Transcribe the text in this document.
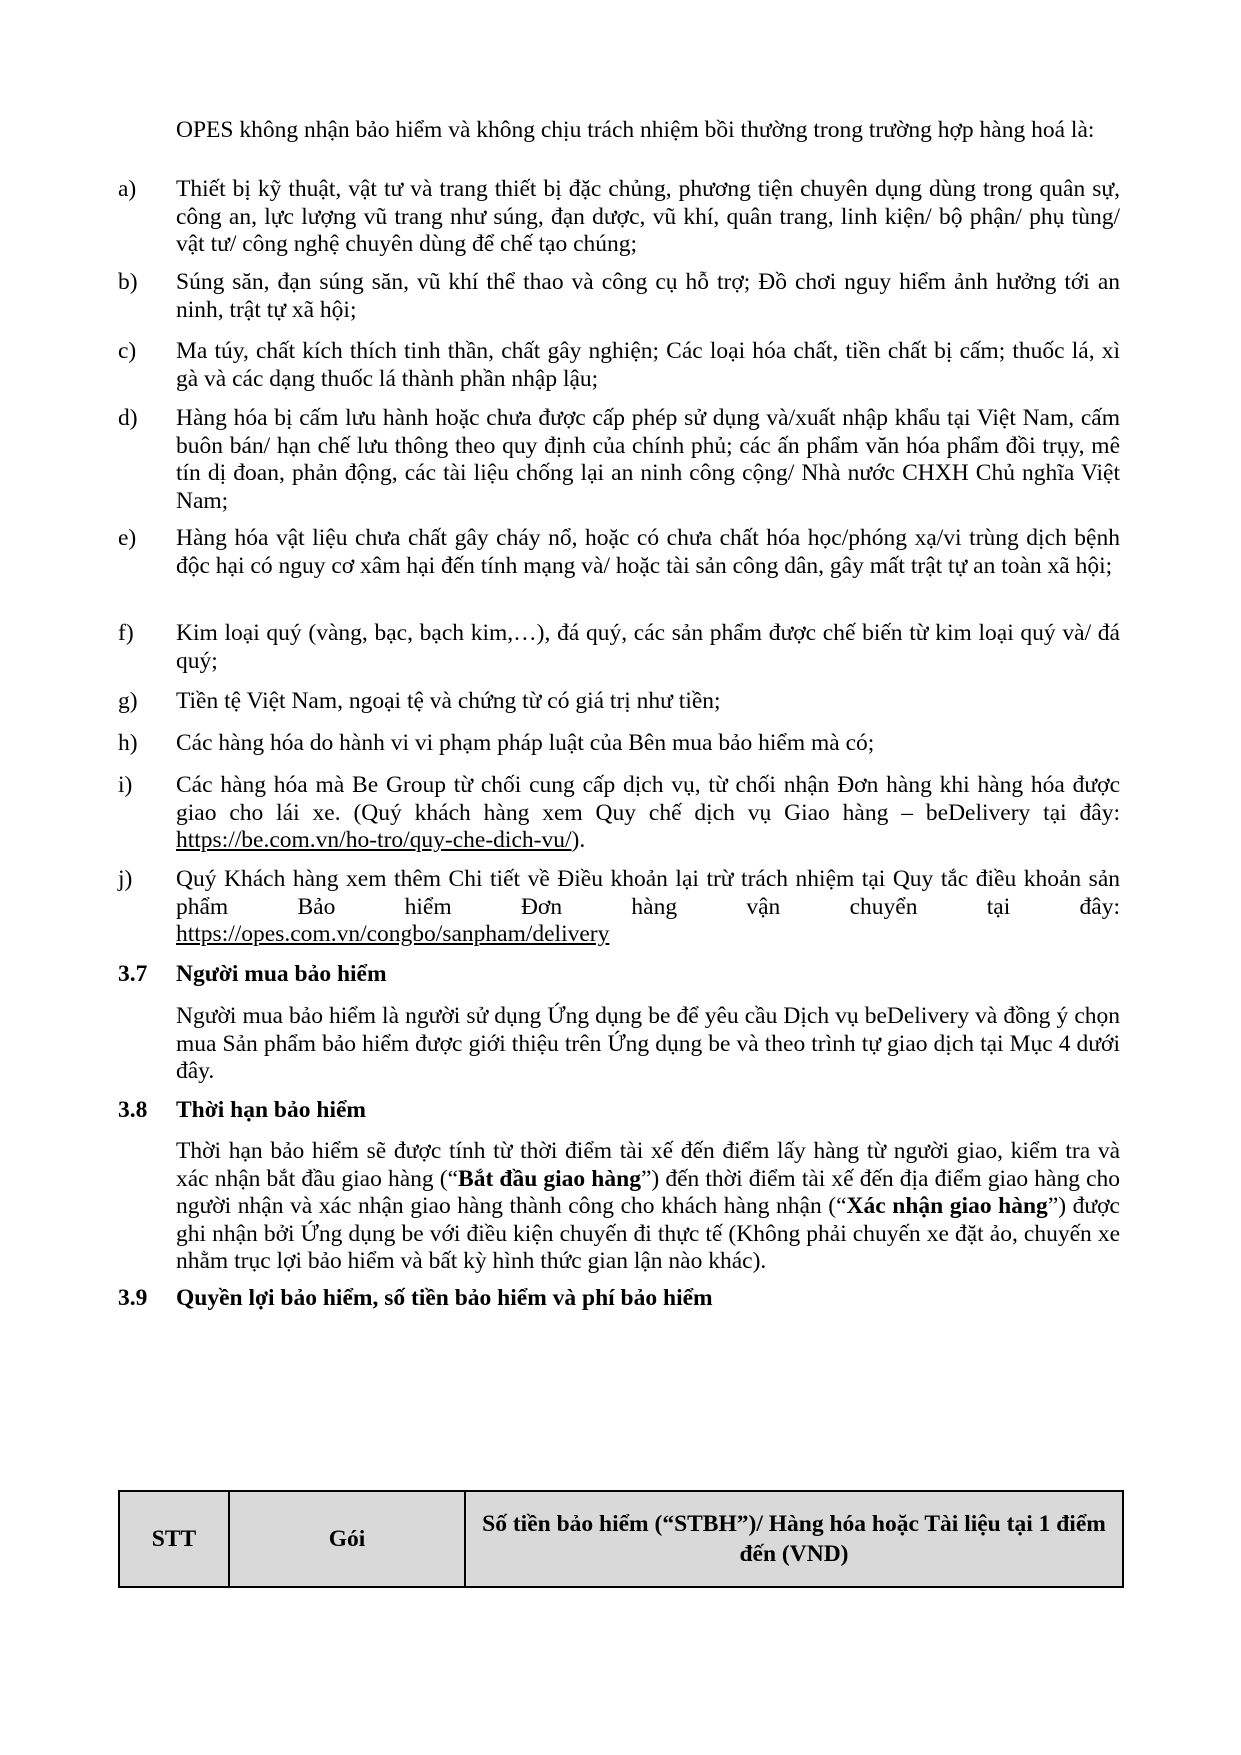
OPES không nhận bảo hiểm và không chịu trách nhiệm bồi thường trong trường hợp hàng hoá là:
a)	Thiết bị kỹ thuật, vật tư và trang thiết bị đặc chủng, phương tiện chuyên dụng dùng trong quân sự, công an, lực lượng vũ trang như súng, đạn dược, vũ khí, quân trang, linh kiện/ bộ phận/ phụ tùng/ vật tư/ công nghệ chuyên dùng để chế tạo chúng;
b)	Súng săn, đạn súng săn, vũ khí thể thao và công cụ hỗ trợ; Đồ chơi nguy hiểm ảnh hưởng tới an ninh, trật tự xã hội;
c)	Ma túy, chất kích thích tinh thần, chất gây nghiện; Các loại hóa chất, tiền chất bị cấm; thuốc lá, xì gà và các dạng thuốc lá thành phần nhập lậu;
d)	Hàng hóa bị cấm lưu hành hoặc chưa được cấp phép sử dụng và/xuất nhập khẩu tại Việt Nam, cấm buôn bán/ hạn chế lưu thông theo quy định của chính phủ; các ấn phẩm văn hóa phẩm đồi trụy, mê tín dị đoan, phản động, các tài liệu chống lại an ninh công cộng/ Nhà nước CHXH Chủ nghĩa Việt Nam;
e)	Hàng hóa vật liệu chưa chất gây cháy nổ, hoặc có chưa chất hóa học/phóng xạ/vi trùng dịch bệnh độc hại có nguy cơ xâm hại đến tính mạng và/ hoặc tài sản công dân, gây mất trật tự an toàn xã hội;
f)	Kim loại quý (vàng, bạc, bạch kim,…), đá quý, các sản phẩm được chế biến từ kim loại quý và/ đá quý;
g)	Tiền tệ Việt Nam, ngoại tệ và chứng từ có giá trị như tiền;
h)	Các hàng hóa do hành vi vi phạm pháp luật của Bên mua bảo hiểm mà có;
i)	Các hàng hóa mà Be Group từ chối cung cấp dịch vụ, từ chối nhận Đơn hàng khi hàng hóa được giao cho lái xe. (Quý khách hàng xem Quy chế dịch vụ Giao hàng – beDelivery tại đây: https://be.com.vn/ho-tro/quy-che-dich-vu/).
j)	Quý Khách hàng xem thêm Chi tiết về Điều khoản lại trừ trách nhiệm tại Quy tắc điều khoản sản phẩm Bảo hiểm Đơn hàng vận chuyển tại đây:
https://opes.com.vn/congbo/sanpham/delivery
3.7 Người mua bảo hiểm
Người mua bảo hiểm là người sử dụng Ứng dụng be để yêu cầu Dịch vụ beDelivery và đồng ý chọn mua Sản phẩm bảo hiểm được giới thiệu trên Ứng dụng be và theo trình tự giao dịch tại Mục 4 dưới đây.
3.8 Thời hạn bảo hiểm
Thời hạn bảo hiểm sẽ được tính từ thời điểm tài xế đến điểm lấy hàng từ người giao, kiểm tra và xác nhận bắt đầu giao hàng (“Bắt đầu giao hàng”) đến thời điểm tài xế đến địa điểm giao hàng cho người nhận và xác nhận giao hàng thành công cho khách hàng nhận (“Xác nhận giao hàng”) được ghi nhận bởi Ứng dụng be với điều kiện chuyến đi thực tế (Không phải chuyến xe đặt ảo, chuyến xe nhằm trục lợi bảo hiểm và bất kỳ hình thức gian lận nào khác).
3.9 Quyền lợi bảo hiểm, số tiền bảo hiểm và phí bảo hiểm
STT	Gói	Số tiền bảo hiểm (“STBH”)/ Hàng hóa hoặc Tài liệu tại 1 điểm đến (VND)
